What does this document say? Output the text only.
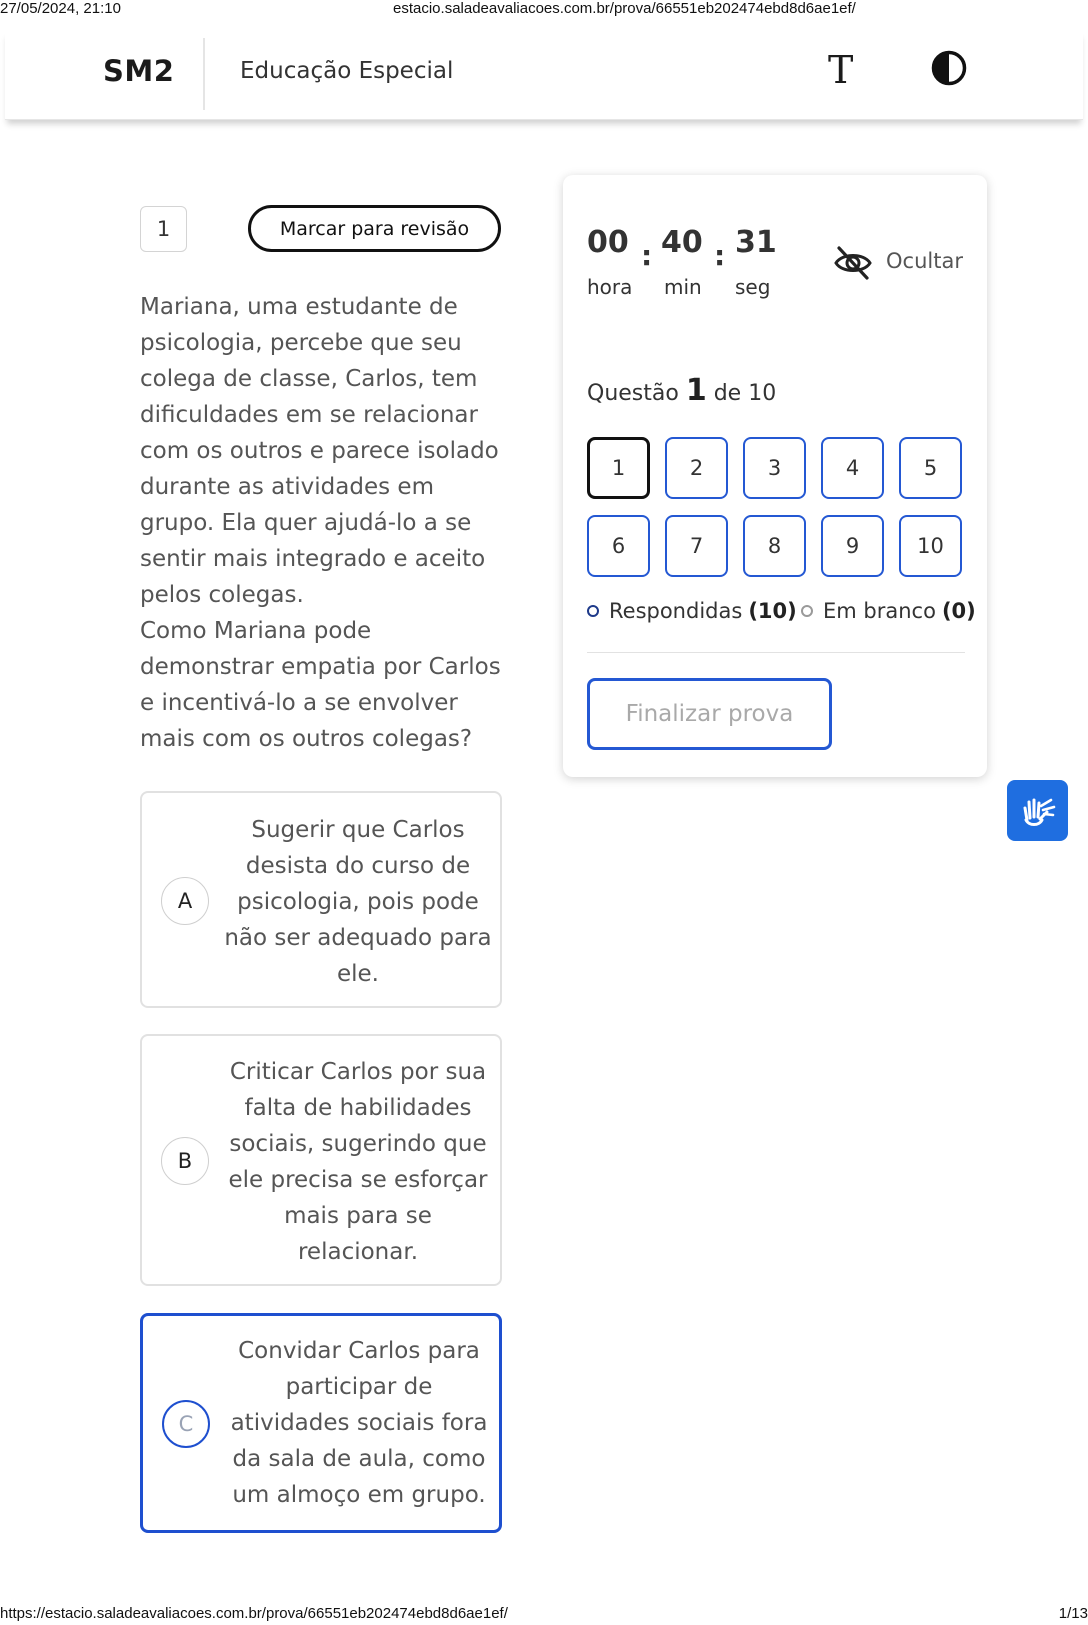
27/05/2024, 21:10	estacio.saladeavaliacoes.com.br/prova/66551eb202474ebd8d6ae1ef/
SM2	Educação Especial	T
1	Marcar para revisão

Mariana, uma estudante de psicologia, percebe que seu colega de classe, Carlos, tem dificuldades em se relacionar com os outros e parece isolado durante as atividades em grupo. Ela quer ajudá-lo a se sentir mais integrado e aceito pelos colegas.

Como Mariana pode demonstrar empatia por Carlos e incentivá-lo a se envolver mais com os outros colegas?

A
Sugerir que Carlos desista do curso de psicologia, pois pode não ser adequado para ele.
B
Criticar Carlos por sua falta de habilidades sociais, sugerindo que ele precisa se esforçar mais para se relacionar.
C
Convidar Carlos para participar de atividades sociais fora da sala de aula, como um almoço em grupo.
00 : 40 : 31
hora min seg
Ocultar
Questão 1 de 10
1	2	3	4	5
6	7	8	9	10
Respondidas (10) Em branco (0)
Finalizar prova
https://estacio.saladeavaliacoes.com.br/prova/66551eb202474ebd8d6ae1ef/	1/13
